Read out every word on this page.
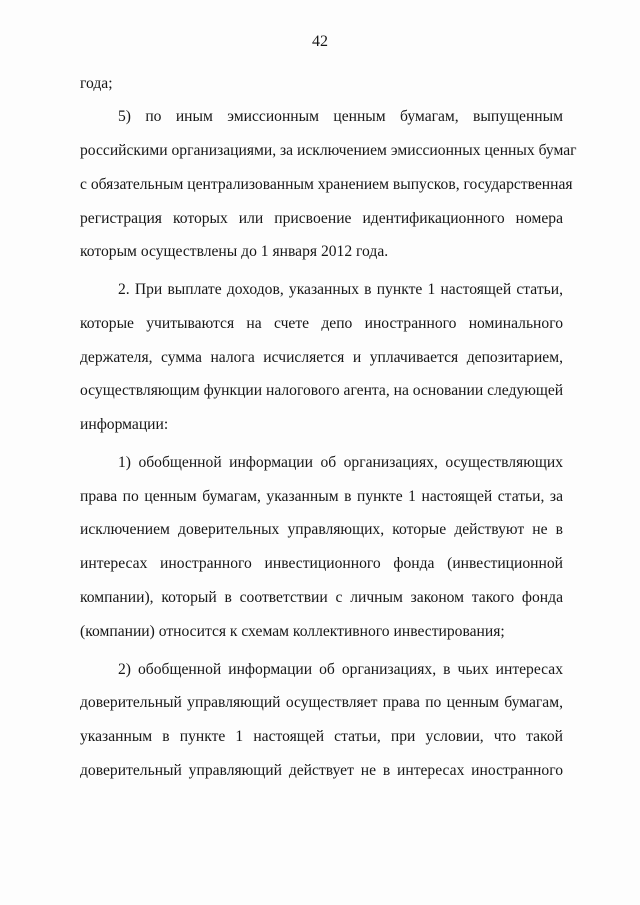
42
года;
5) по иным эмиссионным ценным бумагам, выпущенным
российскими организациями, за исключением эмиссионных ценных бумаг
с обязательным централизованным хранением выпусков, государственная
регистрация которых или присвоение идентификационного номера
которым осуществлены до 1 января 2012 года.
2. При выплате доходов, указанных в пункте 1 настоящей статьи,
которые учитываются на счете депо иностранного номинального
держателя, сумма налога исчисляется и уплачивается депозитарием,
осуществляющим функции налогового агента, на основании следующей
информации:
1) обобщенной информации об организациях, осуществляющих
права по ценным бумагам, указанным в пункте 1 настоящей статьи, за
исключением доверительных управляющих, которые действуют не в
интересах иностранного инвестиционного фонда (инвестиционной
компании), который в соответствии с личным законом такого фонда
(компании) относится к схемам коллективного инвестирования;
2) обобщенной информации об организациях, в чьих интересах
доверительный управляющий осуществляет права по ценным бумагам,
указанным в пункте 1 настоящей статьи, при условии, что такой
доверительный управляющий действует не в интересах иностранного
